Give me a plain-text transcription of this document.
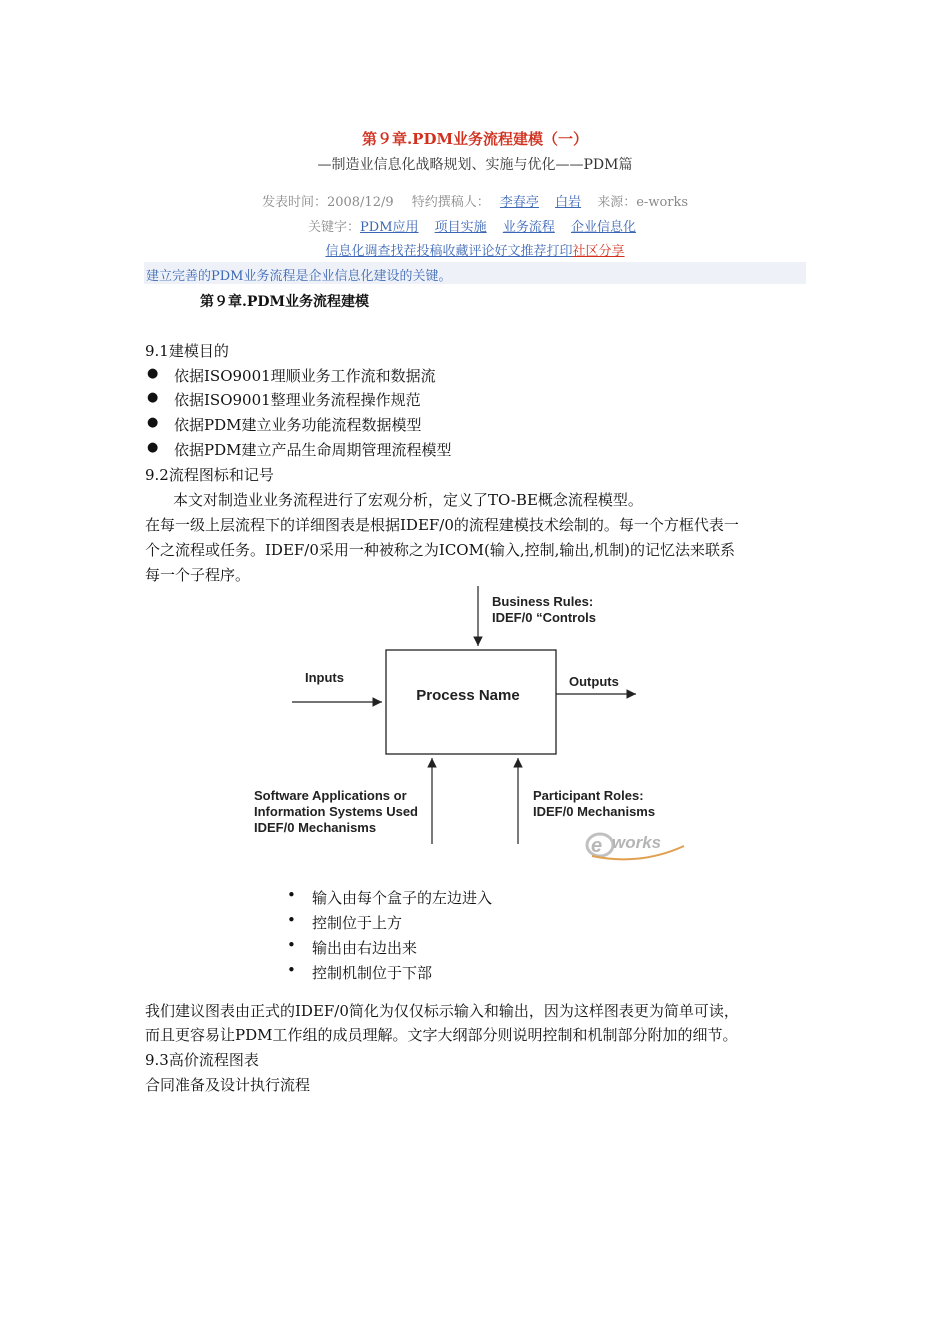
第９章.PDM业务流程建模（一）
—制造业信息化战略规划、实施与优化——PDM篇
发表时间：2008/12/9 特约撰稿人： 李春亭 白岩 来源：e-works
关键字：PDM应用 项目实施 业务流程 企业信息化
信息化调查找茬投稿收藏评论好文推荐打印社区分享
建立完善的PDM业务流程是企业信息化建设的关键。
第９章.PDM业务流程建模
9.1建模目的
● 依据ISO9001理顺业务工作流和数据流
● 依据ISO9001整理业务流程操作规范
● 依据PDM建立业务功能流程数据模型
● 依据PDM建立产品生命周期管理流程模型
9.2流程图标和记号
本文对制造业业务流程进行了宏观分析，定义了TO-BE概念流程模型。
在每一级上层流程下的详细图表是根据IDEF/0的流程建模技术绘制的。每一个方框代表一
个之流程或任务。IDEF/0采用一种被称之为ICOM(输入,控制,输出,机制)的记忆法来联系
每一个子程序。
Process Name
Business Rules:
IDEF/0 “Controls
Inputs	Outputs
Software Applications or
Information Systems Used
IDEF/0 Mechanisms
Participant Roles:
IDEF/0 Mechanisms
e works
• 输入由每个盒子的左边进入
• 控制位于上方
• 输出由右边出来
• 控制机制位于下部
我们建议图表由正式的IDEF/0简化为仅仅标示输入和输出，因为这样图表更为简单可读，
而且更容易让PDM工作组的成员理解。文字大纲部分则说明控制和机制部分附加的细节。
9.3高价流程图表
合同准备及设计执行流程
